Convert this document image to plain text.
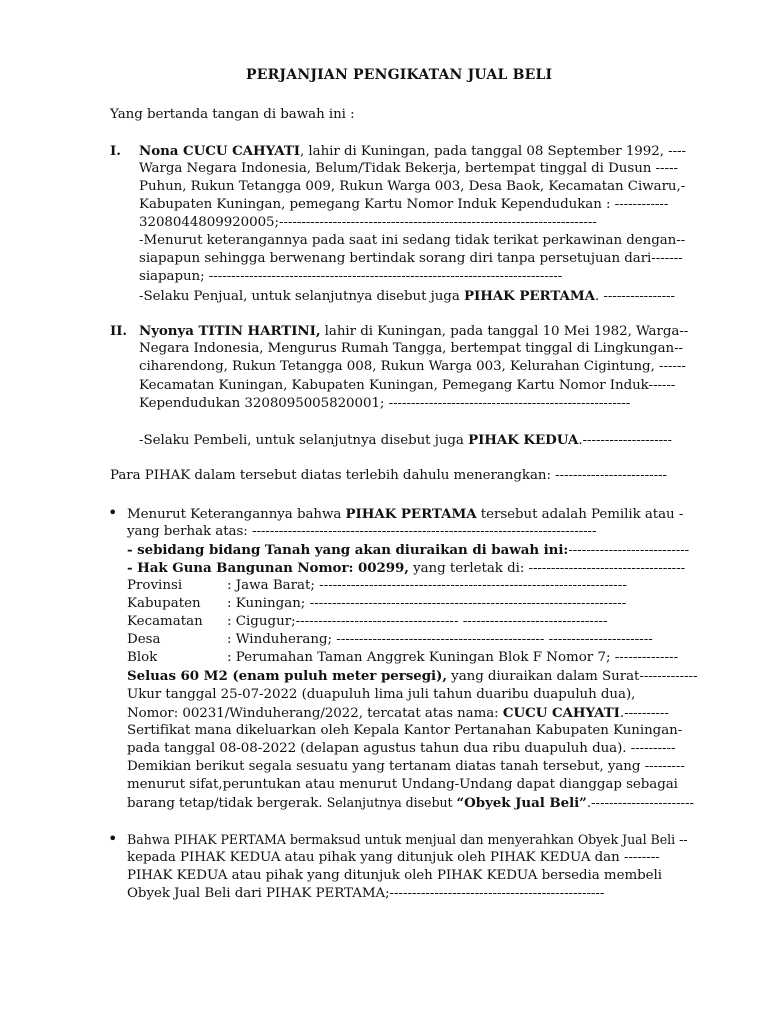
PERJANJIAN PENGIKATAN JUAL BELI
Yang bertanda tangan di bawah ini :
I. Nona CUCU CAHYATI, lahir di Kuningan, pada tanggal 08 September 1992, ----
Warga Negara Indonesia, Belum/Tidak Bekerja, bertempat tinggal di Dusun -----
Puhun, Rukun Tetangga 009, Rukun Warga 003, Desa Baok, Kecamatan Ciwaru,-
Kabupaten Kuningan, pemegang Kartu Nomor Induk Kependudukan : ------------
3208044809920005;-----------------------------------------------------------------------
-Menurut keterangannya pada saat ini sedang tidak terikat perkawinan dengan--
siapapun sehingga berwenang bertindak sorang diri tanpa persetujuan dari-------
siapapun; -------------------------------------------------------------------------------
-Selaku Penjual, untuk selanjutnya disebut juga PIHAK PERTAMA. ----------------
II. Nyonya TITIN HARTINI, lahir di Kuningan, pada tanggal 10 Mei 1982, Warga--
Negara Indonesia, Mengurus Rumah Tangga, bertempat tinggal di Lingkungan--
ciharendong, Rukun Tetangga 008, Rukun Warga 003, Kelurahan Cigintung, ------
Kecamatan Kuningan, Kabupaten Kuningan, Pemegang Kartu Nomor Induk------
Kependudukan 3208095005820001; ------------------------------------------------------
-Selaku Pembeli, untuk selanjutnya disebut juga PIHAK KEDUA.--------------------
Para PIHAK dalam tersebut diatas terlebih dahulu menerangkan: -------------------------
• Menurut Keterangannya bahwa PIHAK PERTAMA tersebut adalah Pemilik atau -
yang berhak atas: -----------------------------------------------------------------------------
- sebidang bidang Tanah yang akan diuraikan di bawah ini:---------------------------
- Hak Guna Bangunan Nomor: 00299, yang terletak di: -----------------------------------
Provinsi	: Jawa Barat; --------------------------------------------------------------------
Kabupaten : Kuningan; ----------------------------------------------------------------------
Kecamatan : Cigugur;------------------------------------ --------------------------------
Desa	: Winduherang; ---------------------------------------------- -----------------------
Blok	: Perumahan Taman Anggrek Kuningan Blok F Nomor 7; --------------
Seluas 60 M2 (enam puluh meter persegi), yang diuraikan dalam Surat-------------
Ukur tanggal 25-07-2022 (duapuluh lima juli tahun duaribu duapuluh dua),
Nomor: 00231/Winduherang/2022, tercatat atas nama: CUCU CAHYATI.----------
Sertifikat mana dikeluarkan oleh Kepala Kantor Pertanahan Kabupaten Kuningan-
pada tanggal 08-08-2022 (delapan agustus tahun dua ribu duapuluh dua). ----------
Demikian berikut segala sesuatu yang tertanam diatas tanah tersebut, yang ---------
menurut sifat,peruntukan atau menurut Undang-Undang dapat dianggap sebagai
barang tetap/tidak bergerak. Selanjutnya disebut “Obyek Jual Beli”.-----------------------
• Bahwa PIHAK PERTAMA bermaksud untuk menjual dan menyerahkan Obyek Jual Beli --
kepada PIHAK KEDUA atau pihak yang ditunjuk oleh PIHAK KEDUA dan --------
PIHAK KEDUA atau pihak yang ditunjuk oleh PIHAK KEDUA bersedia membeli
Obyek Jual Beli dari PIHAK PERTAMA;------------------------------------------------
